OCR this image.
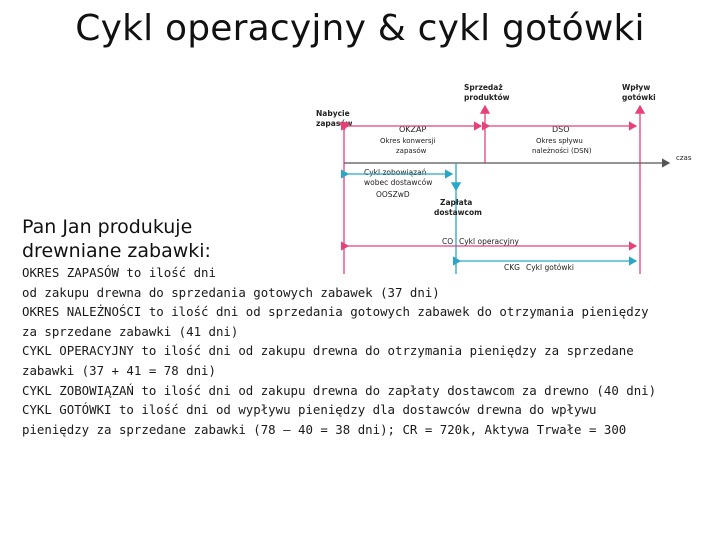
Cykl operacyjny & cykl gotówki
Nabycie
zapasów
Sprzedaż
produktów
Wpływ
gotówki
OKZAP
Okres konwersji
zapasów
DSO
Okres spływu
należności (DSN)
czas
Cykl zobowiązań
wobec dostawców
OOSZwD
Zapłata
dostawcom
CO Cykl operacyjny
CKG Cykl gotówki
Pan Jan produkuje
drewniane zabawki:
OKRES ZAPASÓW to ilość dni
od zakupu drewna do sprzedania gotowych zabawek (37 dni)
OKRES NALEŻNOŚCI to ilość dni od sprzedania gotowych zabawek do otrzymania pieniędzy
za sprzedane zabawki (41 dni)
CYKL OPERACYJNY to ilość dni od zakupu drewna do otrzymania pieniędzy za sprzedane
zabawki (37 + 41 = 78 dni)
CYKL ZOBOWIĄZAŃ to ilość dni od zakupu drewna do zapłaty dostawcom za drewno (40 dni)
CYKL GOTÓWKI to ilość dni od wypływu pieniędzy dla dostawców drewna do wpływu
pieniędzy za sprzedane zabawki (78 – 40 = 38 dni); CR = 720k, Aktywa Trwałe = 300
